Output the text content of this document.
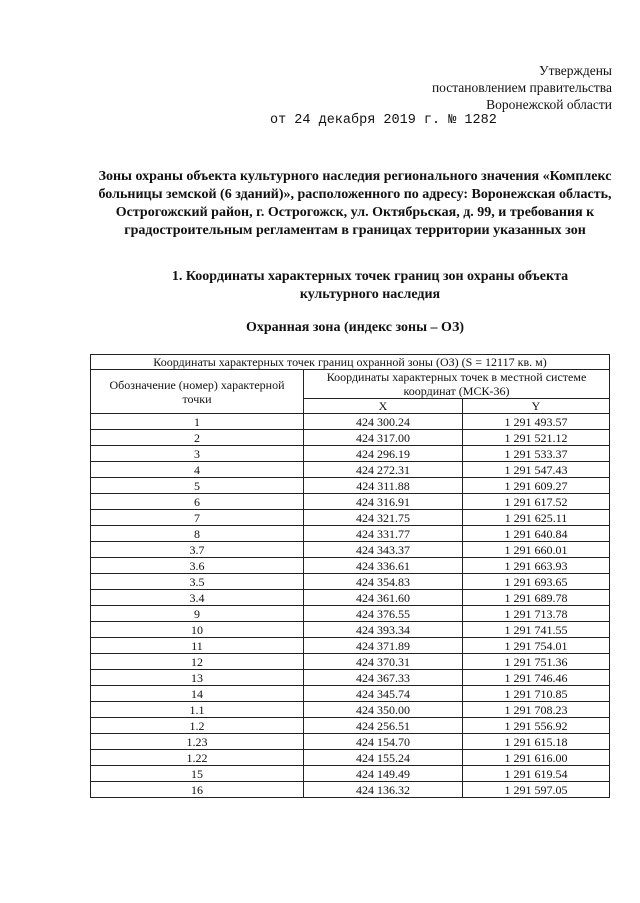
Утверждены
постановлением правительства
Воронежской области
от 24 декабря 2019 г. № 1282
Зоны охраны объекта культурного наследия регионального значения «Комплекс больницы земской (6 зданий)», расположенного по адресу: Воронежская область, Острогожский район, г. Острогожск, ул. Октябрьская, д. 99, и требования к градостроительным регламентам в границах территории указанных зон
1. Координаты характерных точек границ зон охраны объекта культурного наследия
Охранная зона (индекс зоны – ОЗ)
Координаты характерных точек границ охранной зоны (ОЗ) (S = 12117 кв. м)		
Обозначение (номер) характерной точки	Координаты характерных точек в местной системе координат (МСК-36)	
	X	Y
1	424 300.24	1 291 493.57
2	424 317.00	1 291 521.12
3	424 296.19	1 291 533.37
4	424 272.31	1 291 547.43
5	424 311.88	1 291 609.27
6	424 316.91	1 291 617.52
7	424 321.75	1 291 625.11
8	424 331.77	1 291 640.84
3.7	424 343.37	1 291 660.01
3.6	424 336.61	1 291 663.93
3.5	424 354.83	1 291 693.65
3.4	424 361.60	1 291 689.78
9	424 376.55	1 291 713.78
10	424 393.34	1 291 741.55
11	424 371.89	1 291 754.01
12	424 370.31	1 291 751.36
13	424 367.33	1 291 746.46
14	424 345.74	1 291 710.85
1.1	424 350.00	1 291 708.23
1.2	424 256.51	1 291 556.92
1.23	424 154.70	1 291 615.18
1.22	424 155.24	1 291 616.00
15	424 149.49	1 291 619.54
16	424 136.32	1 291 597.05
